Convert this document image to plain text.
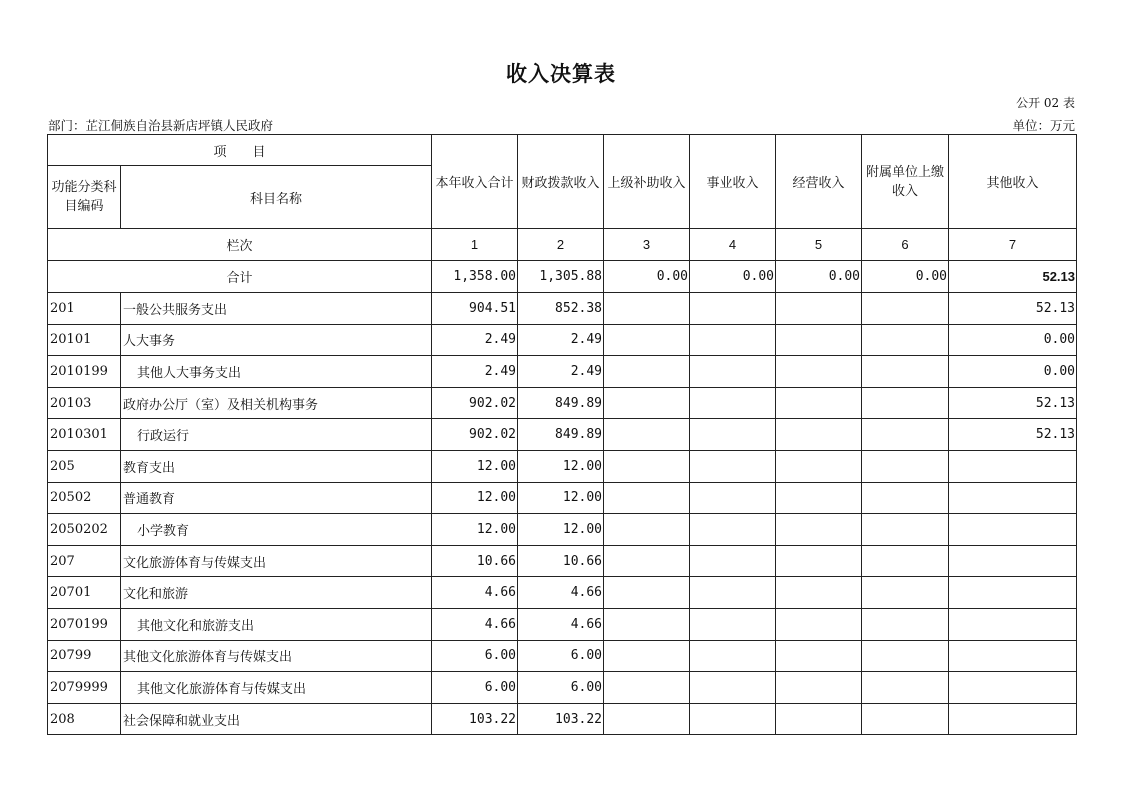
收入决算表
公开 02 表
部门：芷江侗族自治县新店坪镇人民政府	单位：万元
项　　目		本年收入合计	财政拨款收入	上级补助收入	事业收入	经营收入	附属单位上缴收入	其他收入
功能分类科目编码	科目名称							
栏次		1	2	3	4	5	6	7
合计		1,358.00	1,305.88	0.00	0.00	0.00	0.00	52.13
201	一般公共服务支出	904.51	852.38					52.13
20101	人大事务	2.49	2.49					0.00
2010199	其他人大事务支出	2.49	2.49					0.00
20103	政府办公厅（室）及相关机构事务	902.02	849.89					52.13
2010301	行政运行	902.02	849.89					52.13
205	教育支出	12.00	12.00					
20502	普通教育	12.00	12.00					
2050202	小学教育	12.00	12.00					
207	文化旅游体育与传媒支出	10.66	10.66					
20701	文化和旅游	4.66	4.66					
2070199	其他文化和旅游支出	4.66	4.66					
20799	其他文化旅游体育与传媒支出	6.00	6.00					
2079999	其他文化旅游体育与传媒支出	6.00	6.00					
208	社会保障和就业支出	103.22	103.22					
